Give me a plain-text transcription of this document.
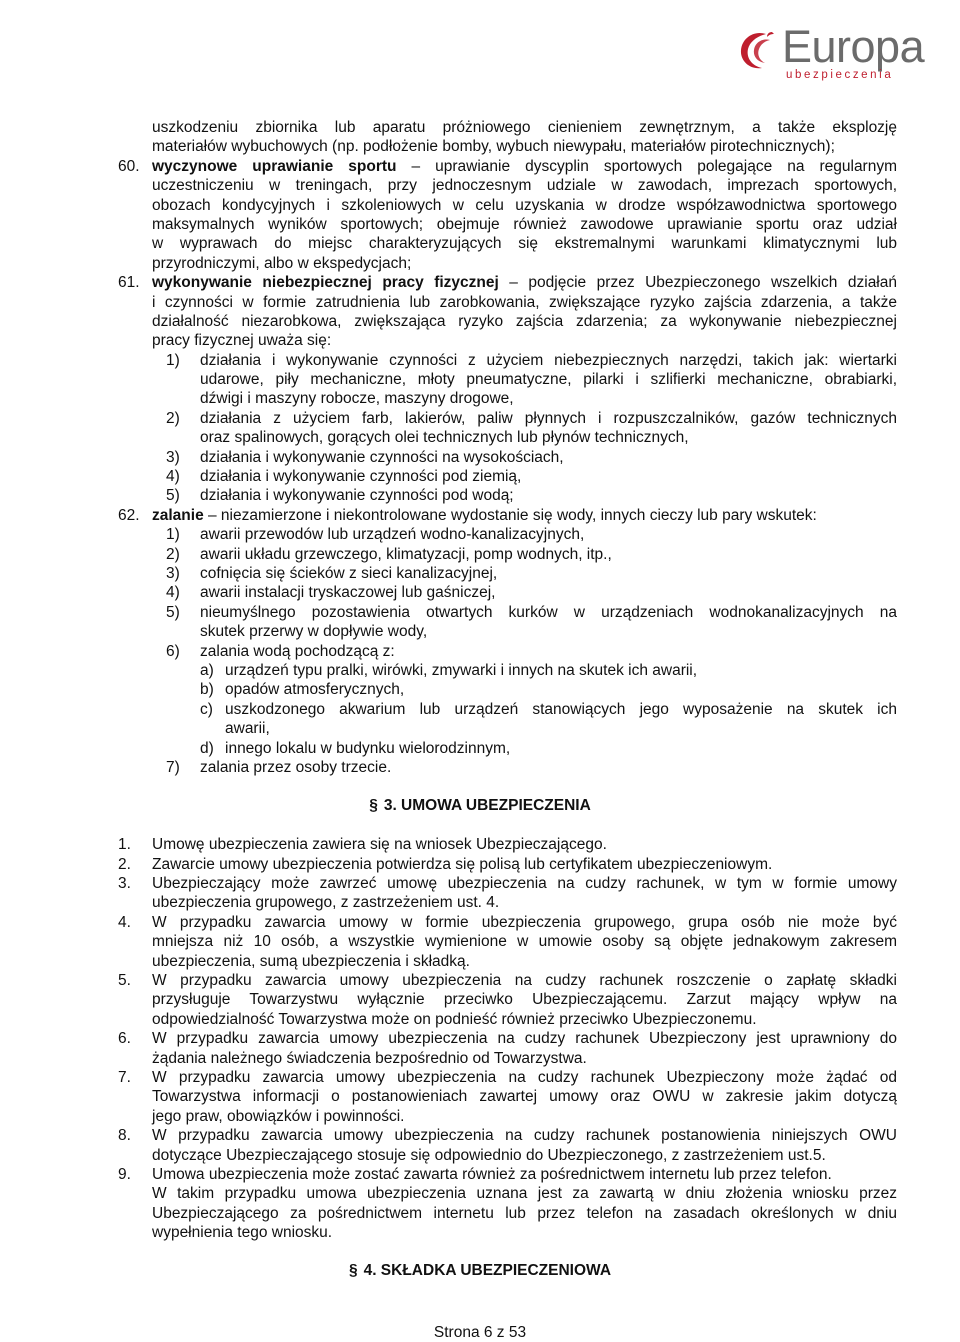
Europa
ubezpieczenia
uszkodzeniu zbiornika lub aparatu próżniowego cienieniem zewnętrznym, a także eksplozję
materiałów wybuchowych (np. podłożenie bomby, wybuch niewypału, materiałów pirotechnicznych);
60. wyczynowe uprawianie sportu – uprawianie dyscyplin sportowych polegające na regularnym
uczestniczeniu w treningach, przy jednoczesnym udziale w zawodach, imprezach sportowych,
obozach kondycyjnych i szkoleniowych w celu uzyskania w drodze współzawodnictwa sportowego
maksymalnych wyników sportowych; obejmuje również zawodowe uprawianie sportu oraz udział
w wyprawach do miejsc charakteryzujących się ekstremalnymi warunkami klimatycznymi lub
przyrodniczymi, albo w ekspedycjach;
61. wykonywanie niebezpiecznej pracy fizycznej – podjęcie przez Ubezpieczonego wszelkich działań
i czynności w formie zatrudnienia lub zarobkowania, zwiększające ryzyko zajścia zdarzenia, a także
działalność niezarobkowa, zwiększająca ryzyko zajścia zdarzenia; za wykonywanie niebezpiecznej
pracy fizycznej uważa się:
1) działania i wykonywanie czynności z użyciem niebezpiecznych narzędzi, takich jak: wiertarki
udarowe, piły mechaniczne, młoty pneumatyczne, pilarki i szlifierki mechaniczne, obrabiarki,
dźwigi i maszyny robocze, maszyny drogowe,
2) działania z użyciem farb, lakierów, paliw płynnych i rozpuszczalników, gazów technicznych
oraz spalinowych, gorących olei technicznych lub płynów technicznych,
3) działania i wykonywanie czynności na wysokościach,
4) działania i wykonywanie czynności pod ziemią,
5) działania i wykonywanie czynności pod wodą;
62. zalanie – niezamierzone i niekontrolowane wydostanie się wody, innych cieczy lub pary wskutek:
1) awarii przewodów lub urządzeń wodno-kanalizacyjnych,
2) awarii układu grzewczego, klimatyzacji, pomp wodnych, itp.,
3) cofnięcia się ścieków z sieci kanalizacyjnej,
4) awarii instalacji tryskaczowej lub gaśniczej,
5) nieumyślnego pozostawienia otwartych kurków w urządzeniach wodnokanalizacyjnych na
skutek przerwy w dopływie wody,
6) zalania wodą pochodzącą z:
a) urządzeń typu pralki, wirówki, zmywarki i innych na skutek ich awarii,
b) opadów atmosferycznych,
c) uszkodzonego akwarium lub urządzeń stanowiących jego wyposażenie na skutek ich
awarii,
d) innego lokalu w budynku wielorodzinnym,
7) zalania przez osoby trzecie.
§ 3. UMOWA UBEZPIECZENIA
1. Umowę ubezpieczenia zawiera się na wniosek Ubezpieczającego.
2. Zawarcie umowy ubezpieczenia potwierdza się polisą lub certyfikatem ubezpieczeniowym.
3. Ubezpieczający może zawrzeć umowę ubezpieczenia na cudzy rachunek, w tym w formie umowy
ubezpieczenia grupowego, z zastrzeżeniem ust. 4.
4. W przypadku zawarcia umowy w formie ubezpieczenia grupowego, grupa osób nie może być
mniejsza niż 10 osób, a wszystkie wymienione w umowie osoby są objęte jednakowym zakresem
ubezpieczenia, sumą ubezpieczenia i składką.
5. W przypadku zawarcia umowy ubezpieczenia na cudzy rachunek roszczenie o zapłatę składki
przysługuje Towarzystwu wyłącznie przeciwko Ubezpieczającemu. Zarzut mający wpływ na
odpowiedzialność Towarzystwa może on podnieść również przeciwko Ubezpieczonemu.
6. W przypadku zawarcia umowy ubezpieczenia na cudzy rachunek Ubezpieczony jest uprawniony do
żądania należnego świadczenia bezpośrednio od Towarzystwa.
7. W przypadku zawarcia umowy ubezpieczenia na cudzy rachunek Ubezpieczony może żądać od
Towarzystwa informacji o postanowieniach zawartej umowy oraz OWU w zakresie jakim dotyczą
jego praw, obowiązków i powinności.
8. W przypadku zawarcia umowy ubezpieczenia na cudzy rachunek postanowienia niniejszych OWU
dotyczące Ubezpieczającego stosuje się odpowiednio do Ubezpieczonego, z zastrzeżeniem ust.5.
9. Umowa ubezpieczenia może zostać zawarta również za pośrednictwem internetu lub przez telefon.
W takim przypadku umowa ubezpieczenia uznana jest za zawartą w dniu złożenia wniosku przez
Ubezpieczającego za pośrednictwem internetu lub przez telefon na zasadach określonych w dniu
wypełnienia tego wniosku.
§ 4. SKŁADKA UBEZPIECZENIOWA
Strona 6 z 53
